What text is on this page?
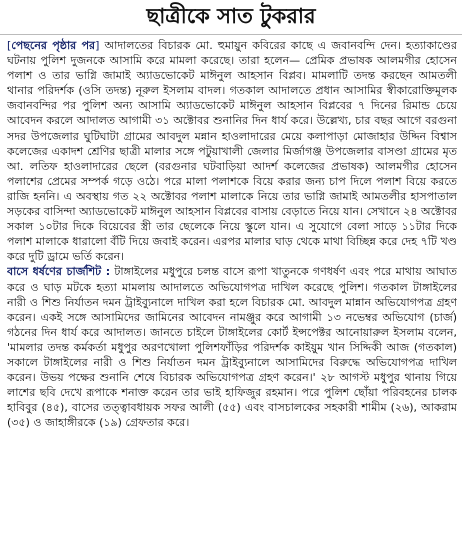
ছাত্রীকে সাত টুকরার

[পেছনের পৃষ্ঠার পর] আদালতের বিচারক মো. হুমায়ুন কবিরের কাছে এ জবানবন্দি দেন। হত্যাকাণ্ডের ঘটনায় পুলিশ দুজনকে আসামি করে মামলা করেছে। তারা হলেন— প্রেমিক প্রভাষক আলমগীর হোসেন পলাশ ও তার ভাগ্নি জামাই অ্যাডভোকেট মাঈনুল আহসান বিপ্লব। মামলাটি তদন্ত করছেন আমতলী থানার পরিদর্শক (ওসি তদন্ত) নূরুল ইসলাম বাদল। গতকাল আদালতে প্রধান আসামির স্বীকারোক্তিমূলক জবানবন্দির পর পুলিশ অন্য আসামি অ্যাডভোকেট মাঈনুল আহসান বিপ্লবের ৭ দিনের রিমান্ড চেয়ে আবেদন করলে আদালত আগামী ৩১ অক্টোবর শুনানির দিন ধার্য করে। উল্লেখ্য, চার বছর আগে বরগুনা সদর উপজেলার ঘুটিঘাটা গ্রামের আবদুল মন্নান হাওলাদারের মেয়ে কলাপাড়া মোজাহার উদ্দিন বিশ্বাস কলেজের একাদশ শ্রেণির ছাত্রী মালার সঙ্গে পটুয়াখালী জেলার মির্জাগঞ্জ উপজেলার বাসণ্ডা গ্রামের মৃত আ. লতিফ হাওলাদারের ছেলে (বরগুনার ঘটবাড়িয়া আদর্শ কলেজের প্রভাষক) আলমগীর হোসেন পলাশের প্রেমের সম্পর্ক গড়ে ওঠে। পরে মালা পলাশকে বিয়ে করার জন্য চাপ দিলে পলাশ বিয়ে করতে রাজি হননি। এ অবস্থায় গত ২২ অক্টোবর পলাশ মালাকে নিয়ে তার ভাগ্নি জামাই আমতলীর হাসপাতাল সড়কের বাসিন্দা অ্যাডভোকেট মাঈনুল আহসান বিপ্লবের বাসায় বেড়াতে নিয়ে যান। সেখানে ২৪ অক্টোবর সকাল ১০টার দিকে বিয়েবের স্ত্রী তার ছেলেকে নিয়ে স্কুলে যান। এ সুযোগে বেলা সাড়ে ১১টার দিকে পলাশ মালাকে ধারালো বঁটি দিয়ে জবাই করেন। এরপর মালার ঘাড় থেকে মাথা বিচ্ছিন্ন করে দেহ ৭টি খণ্ড করে দুটি ড্রামে ভর্তি করেন।

বাসে ধর্ষণের চার্জশিট : টাঙ্গাইলের মধুপুরে চলন্ত বাসে রূপা খাতুনকে গণধর্ষণ এবং পরে মাথায় আঘাত করে ও ঘাড় মটকে হত্যা মামলায় আদালতে অভিযোগপত্র দাখিল করেছে পুলিশ। গতকাল টাঙ্গাইলের নারী ও শিশু নির্যাতন দমন ট্রাইব্যুনালে দাখিল করা হলে বিচারক মো. আবদুল মান্নান অভিযোগপত্র গ্রহণ করেন। একই সঙ্গে আসামিদের জামিনের আবেদন নামঞ্জুর করে আগামী ১৩ নভেম্বর অভিযোগ (চার্জ) গঠনের দিন ধার্য করে আদালত। জানতে চাইলে টাঙ্গাইলের কোর্ট ইন্সপেক্টর আনোয়ারুল ইসলাম বলেন, 'মামলার তদন্ত কর্মকর্তা মধুপুর অরণখোলা পুলিশফাঁড়ির পরিদর্শক কাইয়ুম খান সিদ্দিকী আজ (গতকাল) সকালে টাঙ্গাইলের নারী ও শিশু নির্যাতন দমন ট্রাইব্যুনালে আসামিদের বিরুদ্ধে অভিযোগপত্র দাখিল করেন। উভয় পক্ষের শুনানি শেষে বিচারক অভিযোগপত্র গ্রহণ করেন।' ২৮ আগস্ট মধুপুর থানায় গিয়ে লাশের ছবি দেখে রূপাকে শনাক্ত করেন তার ভাই হাফিজুর রহমান। পরে পুলিশ ছোঁয়া পরিবহনের চালক হাবিবুর (৪৫), বাসের তত্ত্বাবধায়ক সফর আলী (৫৫) এবং বাসচালকের সহকারী শামীম (২৬), আকরাম (৩৫) ও জাহাঙ্গীরকে (১৯) গ্রেফতার করে।
